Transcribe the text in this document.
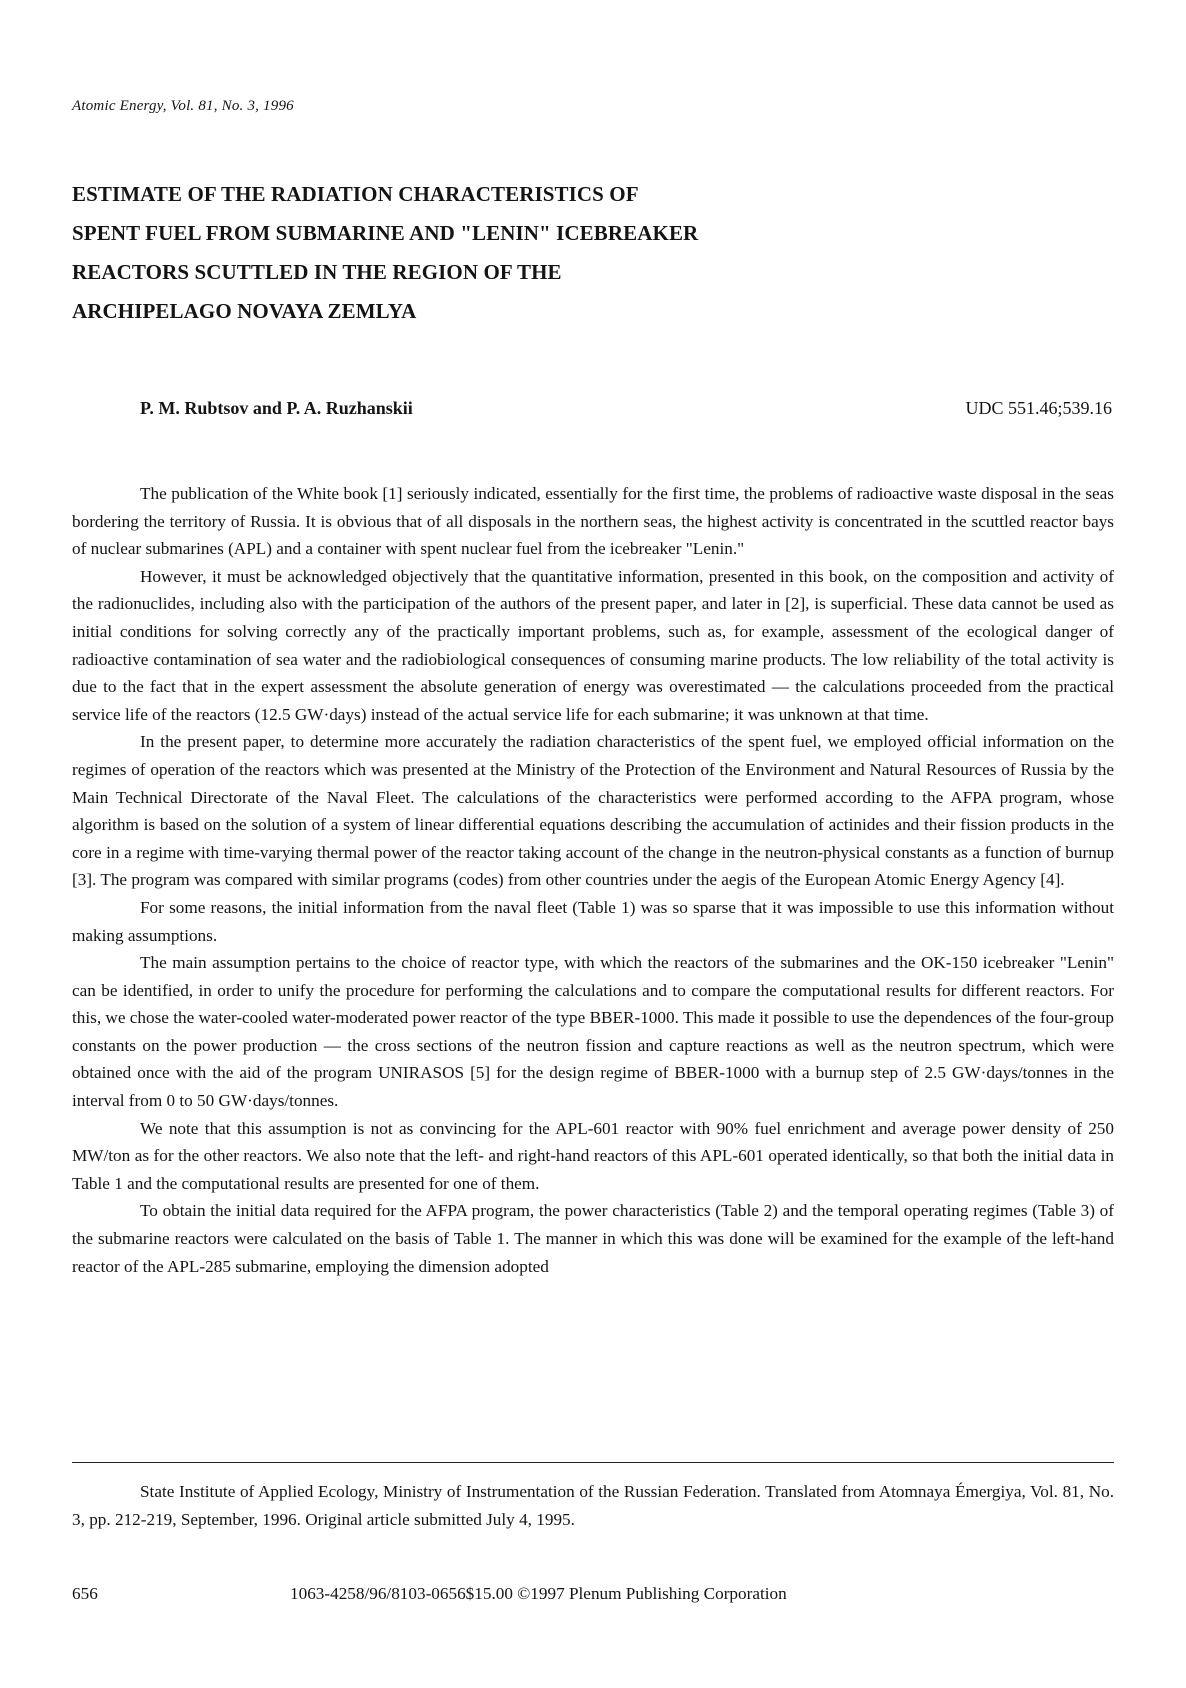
Atomic Energy, Vol. 81, No. 3, 1996
ESTIMATE OF THE RADIATION CHARACTERISTICS OF
SPENT FUEL FROM SUBMARINE AND "LENIN" ICEBREAKER
REACTORS SCUTTLED IN THE REGION OF THE
ARCHIPELAGO NOVAYA ZEMLYA
P. M. Rubtsov and P. A. Ruzhanskii	UDC 551.46;539.16

The publication of the White book [1] seriously indicated, essentially for the first time, the problems of radioactive waste disposal in the seas bordering the territory of Russia. It is obvious that of all disposals in the northern seas, the highest activity is concentrated in the scuttled reactor bays of nuclear submarines (APL) and a container with spent nuclear fuel from the icebreaker "Lenin."

However, it must be acknowledged objectively that the quantitative information, presented in this book, on the composition and activity of the radionuclides, including also with the participation of the authors of the present paper, and later in [2], is superficial. These data cannot be used as initial conditions for solving correctly any of the practically important problems, such as, for example, assessment of the ecological danger of radioactive contamination of sea water and the radiobiological consequences of consuming marine products. The low reliability of the total activity is due to the fact that in the expert assessment the absolute generation of energy was overestimated — the calculations proceeded from the practical service life of the reactors (12.5 GW·days) instead of the actual service life for each submarine; it was unknown at that time.

In the present paper, to determine more accurately the radiation characteristics of the spent fuel, we employed official information on the regimes of operation of the reactors which was presented at the Ministry of the Protection of the Environment and Natural Resources of Russia by the Main Technical Directorate of the Naval Fleet. The calculations of the characteristics were performed according to the AFPA program, whose algorithm is based on the solution of a system of linear differential equations describing the accumulation of actinides and their fission products in the core in a regime with time-varying thermal power of the reactor taking account of the change in the neutron-physical constants as a function of burnup [3]. The program was compared with similar programs (codes) from other countries under the aegis of the European Atomic Energy Agency [4].

For some reasons, the initial information from the naval fleet (Table 1) was so sparse that it was impossible to use this information without making assumptions.

The main assumption pertains to the choice of reactor type, with which the reactors of the submarines and the OK-150 icebreaker "Lenin" can be identified, in order to unify the procedure for performing the calculations and to compare the computational results for different reactors. For this, we chose the water-cooled water-moderated power reactor of the type BBER-1000. This made it possible to use the dependences of the four-group constants on the power production — the cross sections of the neutron fission and capture reactions as well as the neutron spectrum, which were obtained once with the aid of the program UNIRASOS [5] for the design regime of BBER-1000 with a burnup step of 2.5 GW·days/tonnes in the interval from 0 to 50 GW·days/tonnes.

We note that this assumption is not as convincing for the APL-601 reactor with 90% fuel enrichment and average power density of 250 MW/ton as for the other reactors. We also note that the left- and right-hand reactors of this APL-601 operated identically, so that both the initial data in Table 1 and the computational results are presented for one of them.

To obtain the initial data required for the AFPA program, the power characteristics (Table 2) and the temporal operating regimes (Table 3) of the submarine reactors were calculated on the basis of Table 1. The manner in which this was done will be examined for the example of the left-hand reactor of the APL-285 submarine, employing the dimension adopted

State Institute of Applied Ecology, Ministry of Instrumentation of the Russian Federation. Translated from Atomnaya Émergiya, Vol. 81, No. 3, pp. 212-219, September, 1996. Original article submitted July 4, 1995.

656	1063-4258/96/8103-0656$15.00 ©1997 Plenum Publishing Corporation
